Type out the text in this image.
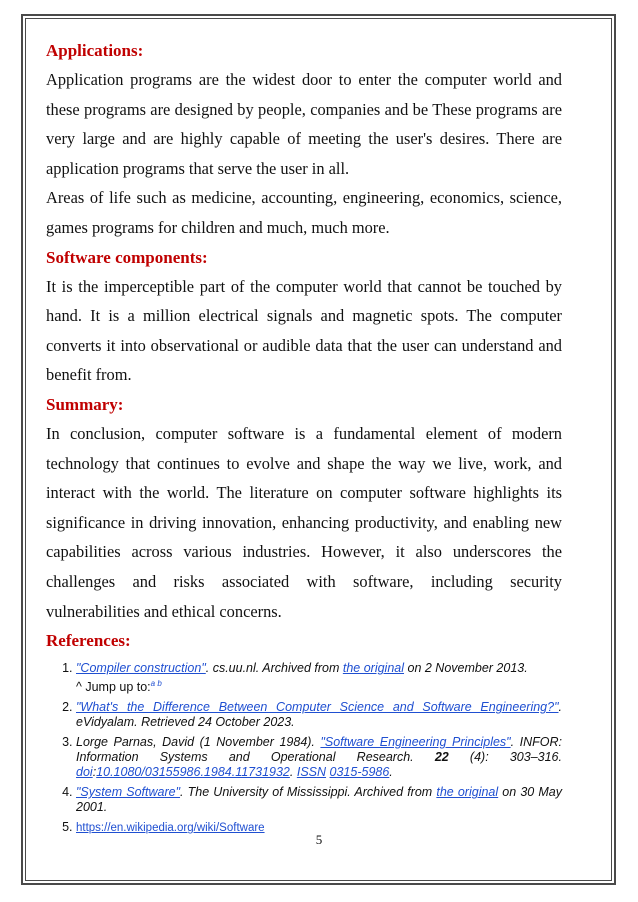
Applications:

Application programs are the widest door to enter the computer world and these programs are designed by people, companies and be These programs are very large and are highly capable of meeting the user's desires. There are application programs that serve the user in all.

Areas of life such as medicine, accounting, engineering, economics, science, games programs for children and much, much more.

Software components:

It is the imperceptible part of the computer world that cannot be touched by hand. It is a million electrical signals and magnetic spots. The computer converts it into observational or audible data that the user can understand and benefit from.

Summary:

In conclusion, computer software is a fundamental element of modern technology that continues to evolve and shape the way we live, work, and interact with the world. The literature on computer software highlights its significance in driving innovation, enhancing productivity, and enabling new capabilities across various industries. However, it also underscores the challenges and risks associated with software, including security vulnerabilities and ethical concerns.

References:
1. "Compiler construction". cs.uu.nl. Archived from the original on 2 November 2013.
^ Jump up to:$^{a b}$
2. "What's the Difference Between Computer Science and Software Engineering?". eVidyalam. Retrieved 24 October 2023.
3. Lorge Parnas, David (1 November 1984). "Software Engineering Principles". INFOR: Information Systems and Operational Research. 22 (4): 303–316. doi:10.1080/03155986.1984.11731932. ISSN 0315-5986.
4. "System Software". The University of Mississippi. Archived from the original on 30 May 2001.
5. https://en.wikipedia.org/wiki/Software
5
